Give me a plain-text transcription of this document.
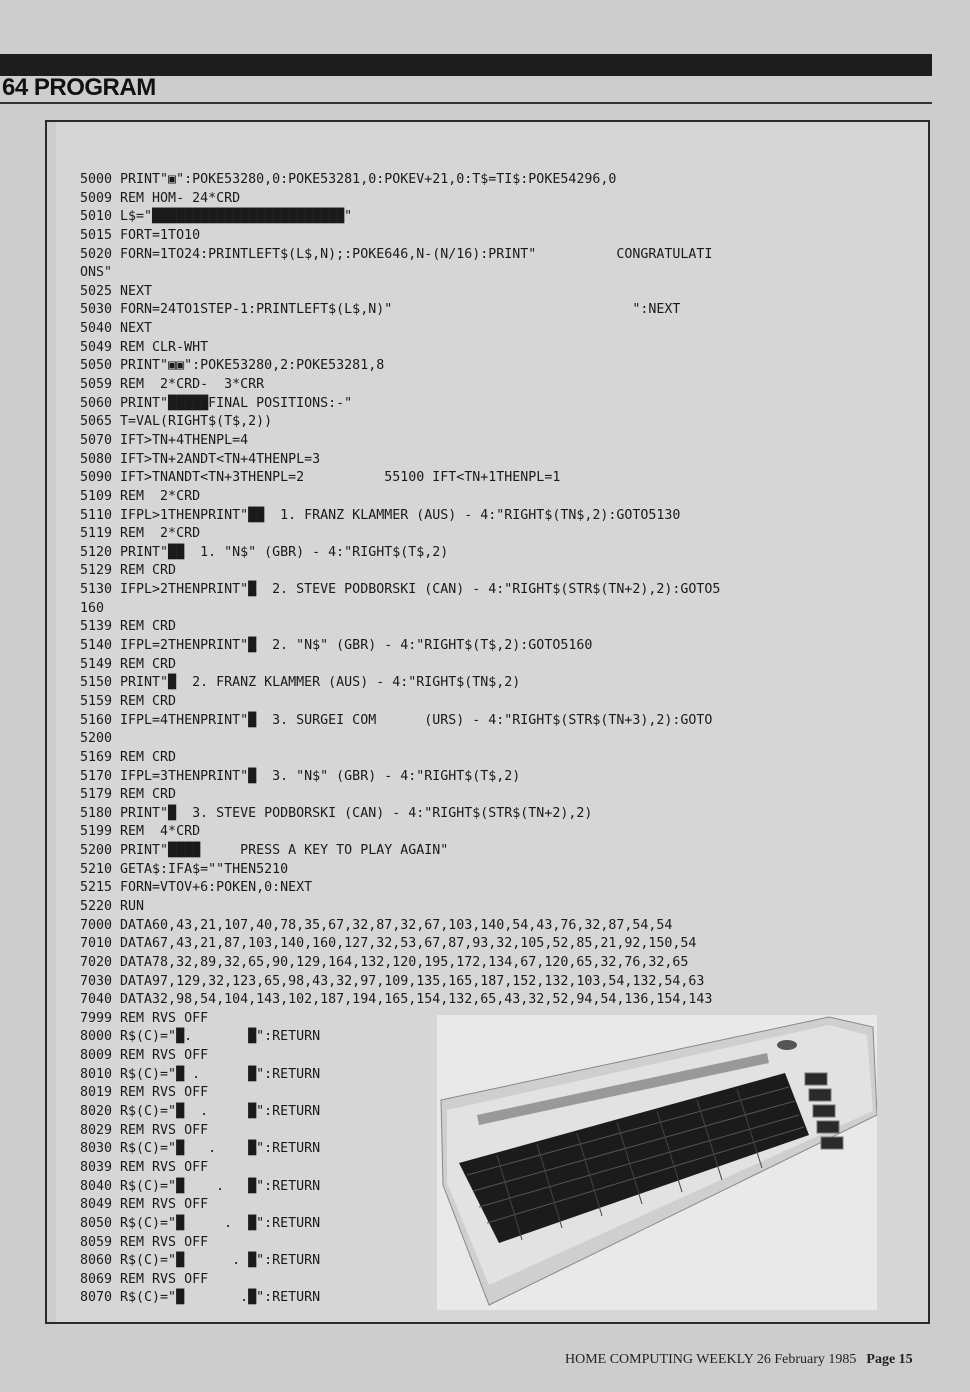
64 PROGRAM
5000 PRINT"▣":POKE53280,0:POKE53281,0:POKEV+21,0:T$=TI$:POKE54296,0
5009 REM HOM- 24*CRD
5010 L$="████████████████████████"
5015 FORT=1TO10
5020 FORN=1TO24:PRINTLEFT$(L$,N);:POKE646,N-(N/16):PRINT"          CONGRATULATI
ONS"
5025 NEXT
5030 FORN=24TO1STEP-1:PRINTLEFT$(L$,N)"                              ":NEXT
5040 NEXT
5049 REM CLR-WHT
5050 PRINT"▣▣":POKE53280,2:POKE53281,8
5059 REM  2*CRD-  3*CRR
5060 PRINT"█████FINAL POSITIONS:-"
5065 T=VAL(RIGHT$(T$,2))
5070 IFT>TN+4THENPL=4
5080 IFT>TN+2ANDT<TN+4THENPL=3
5090 IFT>TNANDT<TN+3THENPL=2          55100 IFT<TN+1THENPL=1
5109 REM  2*CRD
5110 IFPL>1THENPRINT"██  1. FRANZ KLAMMER (AUS) - 4:"RIGHT$(TN$,2):GOTO5130
5119 REM  2*CRD
5120 PRINT"██  1. "N$" (GBR) - 4:"RIGHT$(T$,2)
5129 REM CRD
5130 IFPL>2THENPRINT"█  2. STEVE PODBORSKI (CAN) - 4:"RIGHT$(STR$(TN+2),2):GOTO5
160
5139 REM CRD
5140 IFPL=2THENPRINT"█  2. "N$" (GBR) - 4:"RIGHT$(T$,2):GOTO5160
5149 REM CRD
5150 PRINT"█  2. FRANZ KLAMMER (AUS) - 4:"RIGHT$(TN$,2)
5159 REM CRD
5160 IFPL=4THENPRINT"█  3. SURGEI COM      (URS) - 4:"RIGHT$(STR$(TN+3),2):GOTO
5200
5169 REM CRD
5170 IFPL=3THENPRINT"█  3. "N$" (GBR) - 4:"RIGHT$(T$,2)
5179 REM CRD
5180 PRINT"█  3. STEVE PODBORSKI (CAN) - 4:"RIGHT$(STR$(TN+2),2)
5199 REM  4*CRD
5200 PRINT"████     PRESS A KEY TO PLAY AGAIN"
5210 GETA$:IFA$=""THEN5210
5215 FORN=VTOV+6:POKEN,0:NEXT
5220 RUN
7000 DATA60,43,21,107,40,78,35,67,32,87,32,67,103,140,54,43,76,32,87,54,54
7010 DATA67,43,21,87,103,140,160,127,32,53,67,87,93,32,105,52,85,21,92,150,54
7020 DATA78,32,89,32,65,90,129,164,132,120,195,172,134,67,120,65,32,76,32,65
7030 DATA97,129,32,123,65,98,43,32,97,109,135,165,187,152,132,103,54,132,54,63
7040 DATA32,98,54,104,143,102,187,194,165,154,132,65,43,32,52,94,54,136,154,143
7999 REM RVS OFF
8000 R$(C)="█.       █":RETURN
8009 REM RVS OFF
8010 R$(C)="█ .      █":RETURN
8019 REM RVS OFF
8020 R$(C)="█  .     █":RETURN
8029 REM RVS OFF
8030 R$(C)="█   .    █":RETURN
8039 REM RVS OFF
8040 R$(C)="█    .   █":RETURN
8049 REM RVS OFF
8050 R$(C)="█     .  █":RETURN
8059 REM RVS OFF
8060 R$(C)="█      . █":RETURN
8069 REM RVS OFF
8070 R$(C)="█       .█":RETURN
HOME COMPUTING WEEKLY 26 February 1985 Page 15
